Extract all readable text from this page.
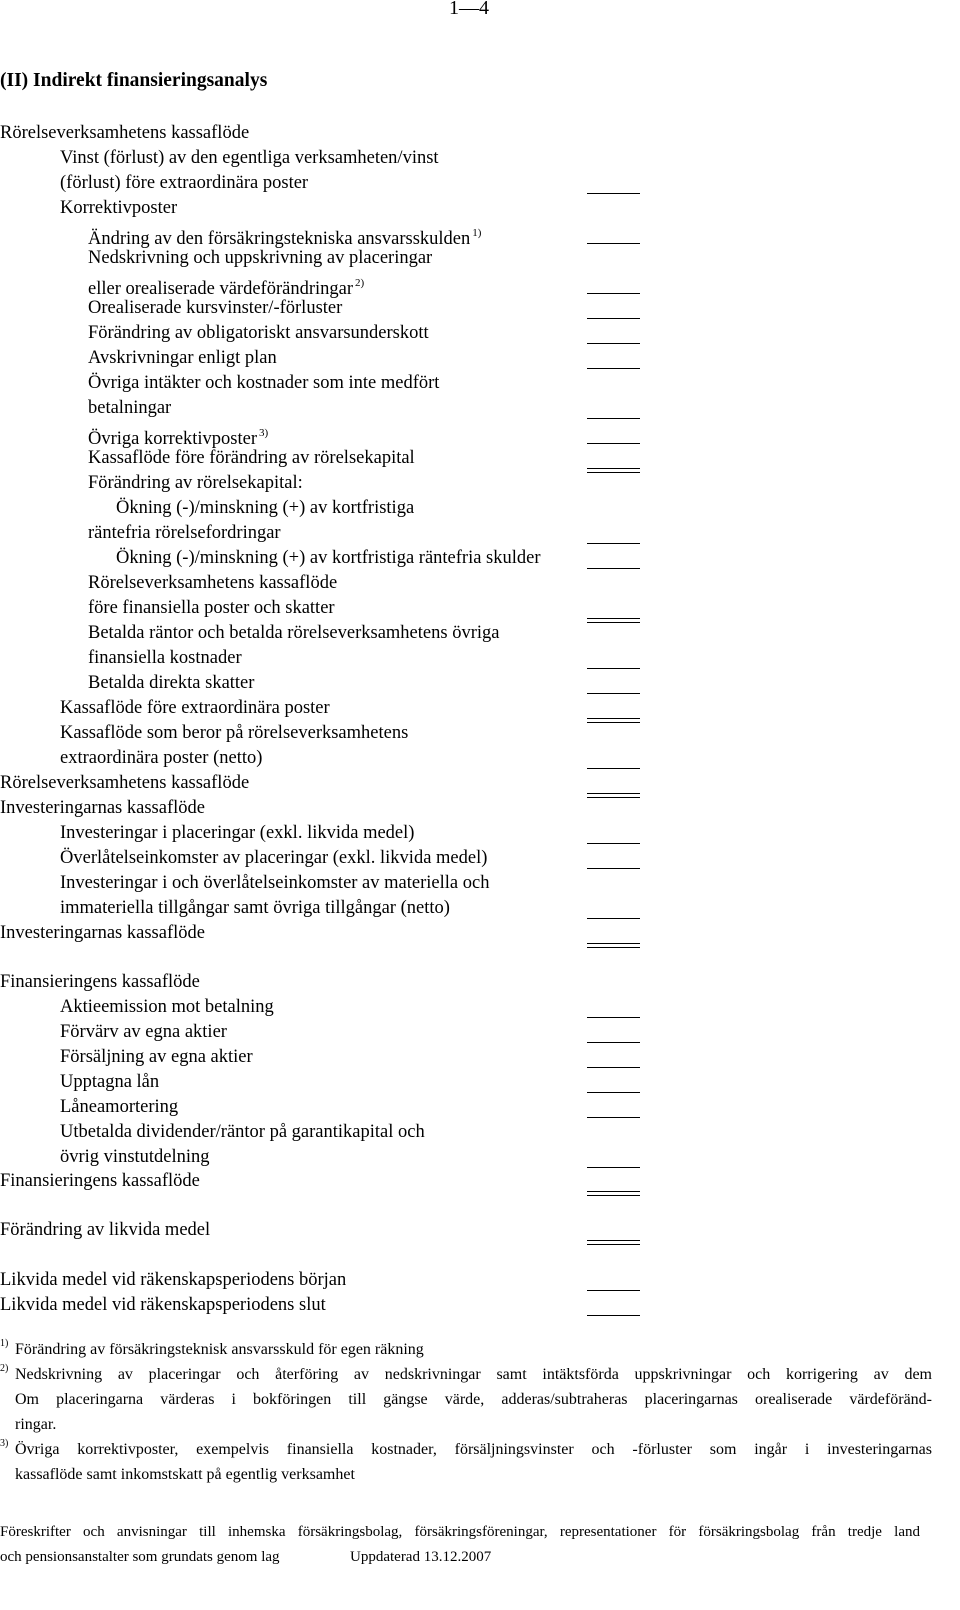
1—4
(II) Indirekt finansieringsanalys
Rörelseverksamhetens kassaflöde
Vinst (förlust) av den egentliga verksamheten/vinst
(förlust) före extraordinära poster
Korrektivposter
Ändring av den försäkringstekniska ansvarsskulden $^{1)}$
Nedskrivning och uppskrivning av placeringar
eller orealiserade värdeförändringar $^{2)}$
Orealiserade kursvinster/-förluster
Förändring av obligatoriskt ansvarsunderskott
Avskrivningar enligt plan
Övriga intäkter och kostnader som inte medfört
betalningar
Övriga korrektivposter $^{3)}$
Kassaflöde före förändring av rörelsekapital
Förändring av rörelsekapital:
Ökning (-)/minskning (+) av kortfristiga
räntefria rörelsefordringar
Ökning (-)/minskning (+) av kortfristiga räntefria skulder
Rörelseverksamhetens kassaflöde
före finansiella poster och skatter
Betalda räntor och betalda rörelseverksamhetens övriga
finansiella kostnader
Betalda direkta skatter
Kassaflöde före extraordinära poster
Kassaflöde som beror på rörelseverksamhetens
extraordinära poster (netto)
Rörelseverksamhetens kassaflöde
Investeringarnas kassaflöde
Investeringar i placeringar (exkl. likvida medel)
Överlåtelseinkomster av placeringar (exkl. likvida medel)
Investeringar i och överlåtelseinkomster av materiella och
immateriella tillgångar samt övriga tillgångar (netto)
Investeringarnas kassaflöde
Finansieringens kassaflöde
Aktieemission mot betalning
Förvärv av egna aktier
Försäljning av egna aktier
Upptagna lån
Låneamortering
Utbetalda dividender/räntor på garantikapital och
övrig vinstutdelning
Finansieringens kassaflöde
Förändring av likvida medel
Likvida medel vid räkenskapsperiodens början
Likvida medel vid räkenskapsperiodens slut
1) Förändring av försäkringsteknisk ansvarsskuld för egen räkning
2) Nedskrivning av placeringar och återföring av nedskrivningar samt intäktsförda uppskrivningar och korrigering av dem
Om placeringarna värderas i bokföringen till gängse värde, adderas/subtraheras placeringarnas orealiserade värdeföränd-
ringar.
3) Övriga korrektivposter, exempelvis finansiella kostnader, försäljningsvinster och -förluster som ingår i investeringarnas
kassaflöde samt inkomstskatt på egentlig verksamhet
Föreskrifter och anvisningar till inhemska försäkringsbolag, försäkringsföreningar, representationer för försäkringsbolag från tredje land
och pensionsanstalter som grundats genom lag	Uppdaterad 13.12.2007
